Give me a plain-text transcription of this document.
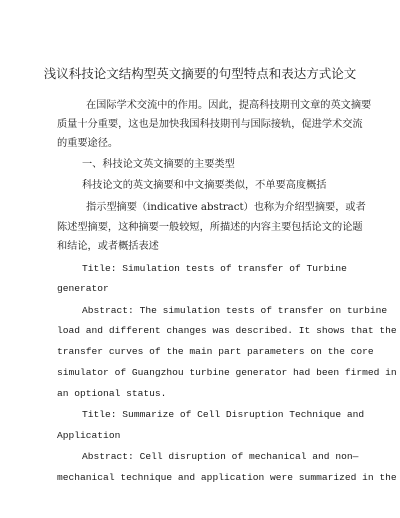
浅议科技论文结构型英文摘要的句型特点和表达方式论文
在国际学术交流中的作用。因此，提高科技期刊文章的英文摘要
质量十分重要，这也是加快我国科技期刊与国际接轨，促进学术交流
的重要途径。
一、科技论文英文摘要的主要类型
科技论文的英文摘要和中文摘要类似，不单要高度概括
指示型摘要（indicative abstract）也称为介绍型摘要，或者
陈述型摘要，这种摘要一般较短，所描述的内容主要包括论文的论题
和结论，或者概括表述
Title: Simulation tests of transfer of Turbine
generator
Abstract: The simulation tests of transfer on turbine
load and different changes was described. It shows that the
transfer curves of the main part parameters on the core
simulator of Guangzhou turbine generator had been firmed in
an optional status.
Title: Summarize of Cell Disruption Technique and
Application
Abstract: Cell disruption of mechanical and non—
mechanical technique and application were summarized in the
